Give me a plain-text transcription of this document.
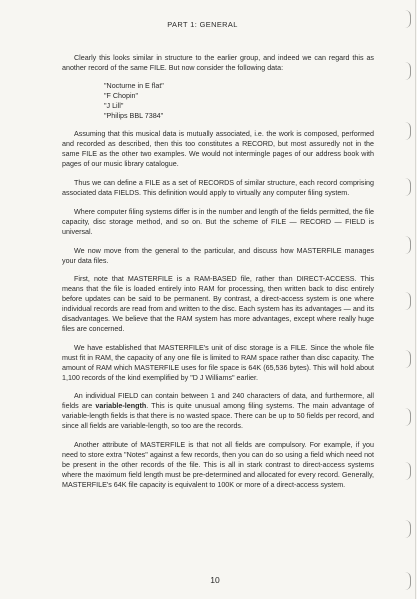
PART 1: GENERAL

Clearly this looks similar in structure to the earlier group, and indeed we can regard this as another record of the same FILE. But now consider the following data:

"Nocturne in E flat"
"F Chopin"
"J Lill"
"Philips BBL 7384"

Assuming that this musical data is mutually associated, i.e. the work is composed, performed and recorded as described, then this too constitutes a RECORD, but most assuredly not in the same FILE as the other two examples. We would not intermingle pages of our address book with pages of our music library catalogue.

Thus we can define a FILE as a set of RECORDS of similar structure, each record comprising associated data FIELDS. This definition would apply to virtually any computer filing system.

Where computer filing systems differ is in the number and length of the fields permitted, the file capacity, disc storage method, and so on. But the scheme of FILE — RECORD — FIELD is universal.

We now move from the general to the particular, and discuss how MASTERFILE manages your data files.

First, note that MASTERFILE is a RAM-BASED file, rather than DIRECT-ACCESS. This means that the file is loaded entirely into RAM for processing, then written back to disc entirely before updates can be said to be permanent. By contrast, a direct-access system is one where individual records are read from and written to the disc. Each system has its advantages — and its disadvantages. We believe that the RAM system has more advantages, except where really huge files are concerned.

We have established that MASTERFILE's unit of disc storage is a FILE. Since the whole file must fit in RAM, the capacity of any one file is limited to RAM space rather than disc capacity. The amount of RAM which MASTERFILE uses for file space is 64K (65,536 bytes). This will hold about 1,100 records of the kind exemplified by "D J Williams" earlier.

An individual FIELD can contain between 1 and 240 characters of data, and furthermore, all fields are variable-length. This is quite unusual among filing systems. The main advantage of variable-length fields is that there is no wasted space. There can be up to 50 fields per record, and since all fields are variable-length, so too are the records.

Another attribute of MASTERFILE is that not all fields are compulsory. For example, if you need to store extra "Notes" against a few records, then you can do so using a field which need not be present in the other records of the file. This is all in stark contrast to direct-access systems where the maximum field length must be pre-determined and allocated for every record. Generally, MASTERFILE's 64K file capacity is equivalent to 100K or more of a direct-access system.

10
